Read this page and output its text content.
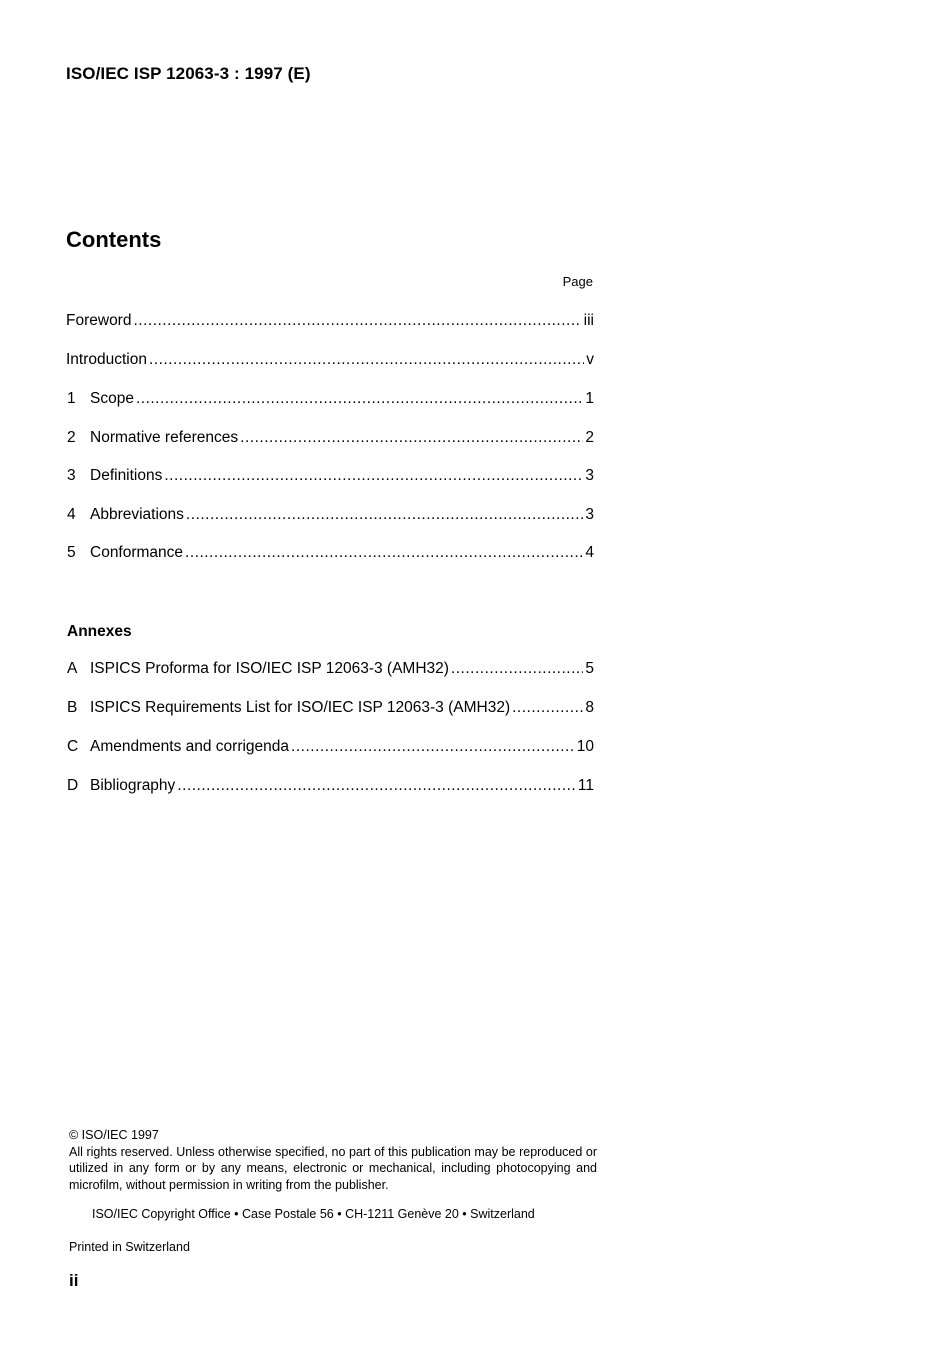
ISO/IEC ISP 12063-3 : 1997 (E)
Contents
Page
Foreword .....	iii
Introduction .....	v
1 Scope .....	1
2 Normative references .....	2
3 Definitions .....	3
4 Abbreviations .....	3
5 Conformance .....	4
Annexes
A ISPICS Proforma for ISO/IEC ISP 12063-3 (AMH32) .....	5
B ISPICS Requirements List for ISO/IEC ISP 12063-3 (AMH32) .....	8
C Amendments and corrigenda .....	10
D Bibliography .....	11
© ISO/IEC 1997
All rights reserved. Unless otherwise specified, no part of this publication may be reproduced or utilized in any form or by any means, electronic or mechanical, including photocopying and microfilm, without permission in writing from the publisher.
ISO/IEC Copyright Office • Case Postale 56 • CH-1211 Genève 20 • Switzerland
Printed in Switzerland
ii
